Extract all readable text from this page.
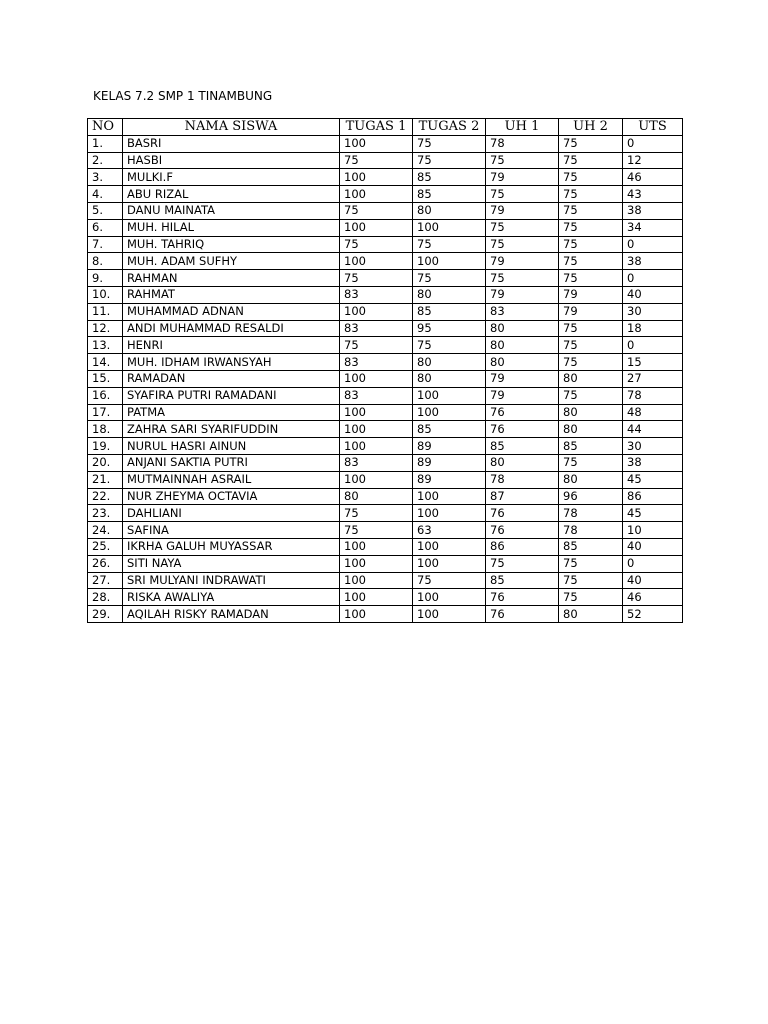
KELAS 7.2 SMP 1 TINAMBUNG
NO	NAMA SISWA	TUGAS 1	TUGAS 2	UH 1	UH 2	UTS
1.	BASRI	100	75	78	75	0
2.	HASBI	75	75	75	75	12
3.	MULKI.F	100	85	79	75	46
4.	ABU RIZAL	100	85	75	75	43
5.	DANU MAINATA	75	80	79	75	38
6.	MUH. HILAL	100	100	75	75	34
7.	MUH. TAHRIQ	75	75	75	75	0
8.	MUH. ADAM SUFHY	100	100	79	75	38
9.	RAHMAN	75	75	75	75	0
10.	RAHMAT	83	80	79	79	40
11.	MUHAMMAD ADNAN	100	85	83	79	30
12.	ANDI MUHAMMAD RESALDI	83	95	80	75	18
13.	HENRI	75	75	80	75	0
14.	MUH. IDHAM IRWANSYAH	83	80	80	75	15
15.	RAMADAN	100	80	79	80	27
16.	SYAFIRA PUTRI RAMADANI	83	100	79	75	78
17.	PATMA	100	100	76	80	48
18.	ZAHRA SARI SYARIFUDDIN	100	85	76	80	44
19.	NURUL HASRI AINUN	100	89	85	85	30
20.	ANJANI SAKTIA PUTRI	83	89	80	75	38
21.	MUTMAINNAH ASRAIL	100	89	78	80	45
22.	NUR ZHEYMA OCTAVIA	80	100	87	96	86
23.	DAHLIANI	75	100	76	78	45
24.	SAFINA	75	63	76	78	10
25.	IKRHA GALUH MUYASSAR	100	100	86	85	40
26.	SITI NAYA	100	100	75	75	0
27.	SRI MULYANI INDRAWATI	100	75	85	75	40
28.	RISKA AWALIYA	100	100	76	75	46
29.	AQILAH RISKY RAMADAN	100	100	76	80	52
